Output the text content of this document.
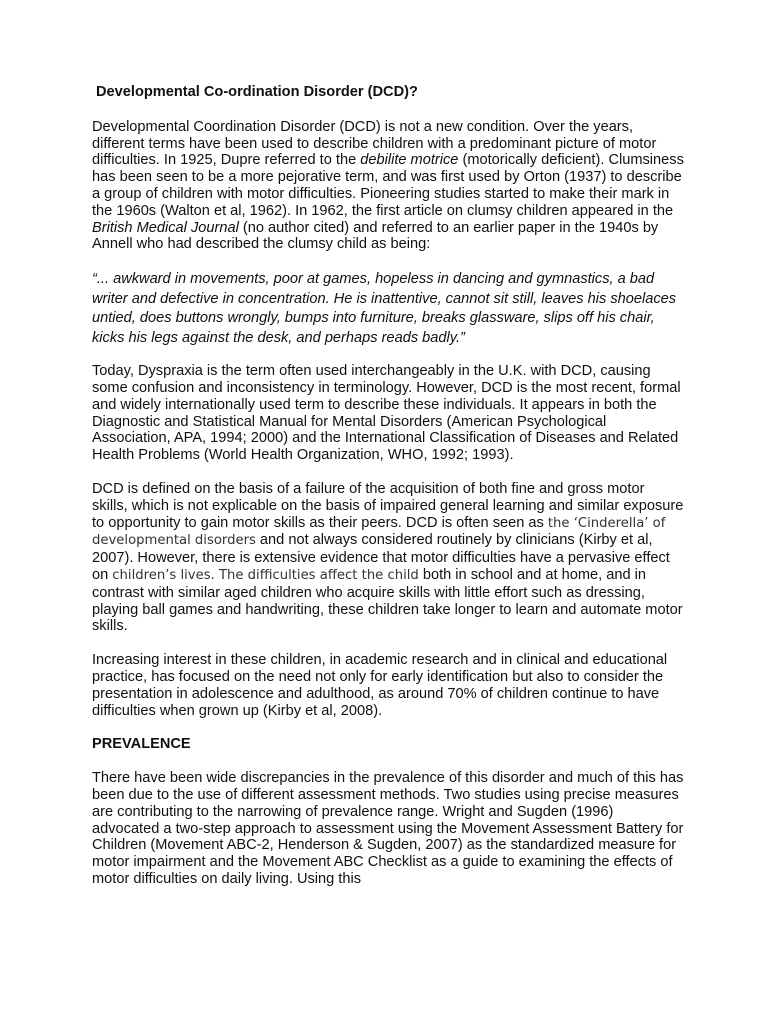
Developmental Co-ordination Disorder (DCD)?

Developmental Coordination Disorder (DCD) is not a new condition. Over the years, different terms have been used to describe children with a predominant picture of motor difficulties. In 1925, Dupre referred to the debilite motrice (motorically deficient). Clumsiness has been seen to be a more pejorative term, and was first used by Orton (1937) to describe a group of children with motor difficulties. Pioneering studies started to make their mark in the 1960s (Walton et al, 1962). In 1962, the first article on clumsy children appeared in the British Medical Journal (no author cited) and referred to an earlier paper in the 1940s by Annell who had described the clumsy child as being:

“... awkward in movements, poor at games, hopeless in dancing and gymnastics, a bad writer and defective in concentration. He is inattentive, cannot sit still, leaves his shoelaces untied, does buttons wrongly, bumps into furniture, breaks glassware, slips off his chair, kicks his legs against the desk, and perhaps reads badly.”

Today, Dyspraxia is the term often used interchangeably in the U.K. with DCD, causing some confusion and inconsistency in terminology. However, DCD is the most recent, formal and widely internationally used term to describe these individuals. It appears in both the Diagnostic and Statistical Manual for Mental Disorders (American Psychological Association, APA, 1994; 2000) and the International Classification of Diseases and Related Health Problems (World Health Organization, WHO, 1992; 1993).

DCD is defined on the basis of a failure of the acquisition of both fine and gross motor skills, which is not explicable on the basis of impaired general learning and similar exposure to opportunity to gain motor skills as their peers. DCD is often seen as the ‘Cinderella’ of developmental disorders and not always considered routinely by clinicians (Kirby et al, 2007). However, there is extensive evidence that motor difficulties have a pervasive effect on children’s lives. The difficulties affect the child both in school and at home, and in contrast with similar aged children who acquire skills with little effort such as dressing, playing ball games and handwriting, these children take longer to learn and automate motor skills.

Increasing interest in these children, in academic research and in clinical and educational practice, has focused on the need not only for early identification but also to consider the presentation in adolescence and adulthood, as around 70% of children continue to have difficulties when grown up (Kirby et al, 2008).

PREVALENCE

There have been wide discrepancies in the prevalence of this disorder and much of this has been due to the use of different assessment methods. Two studies using precise measures are contributing to the narrowing of prevalence range. Wright and Sugden (1996) advocated a two-step approach to assessment using the Movement Assessment Battery for Children (Movement ABC-2, Henderson & Sugden, 2007) as the standardized measure for motor impairment and the Movement ABC Checklist as a guide to examining the effects of motor difficulties on daily living. Using this
